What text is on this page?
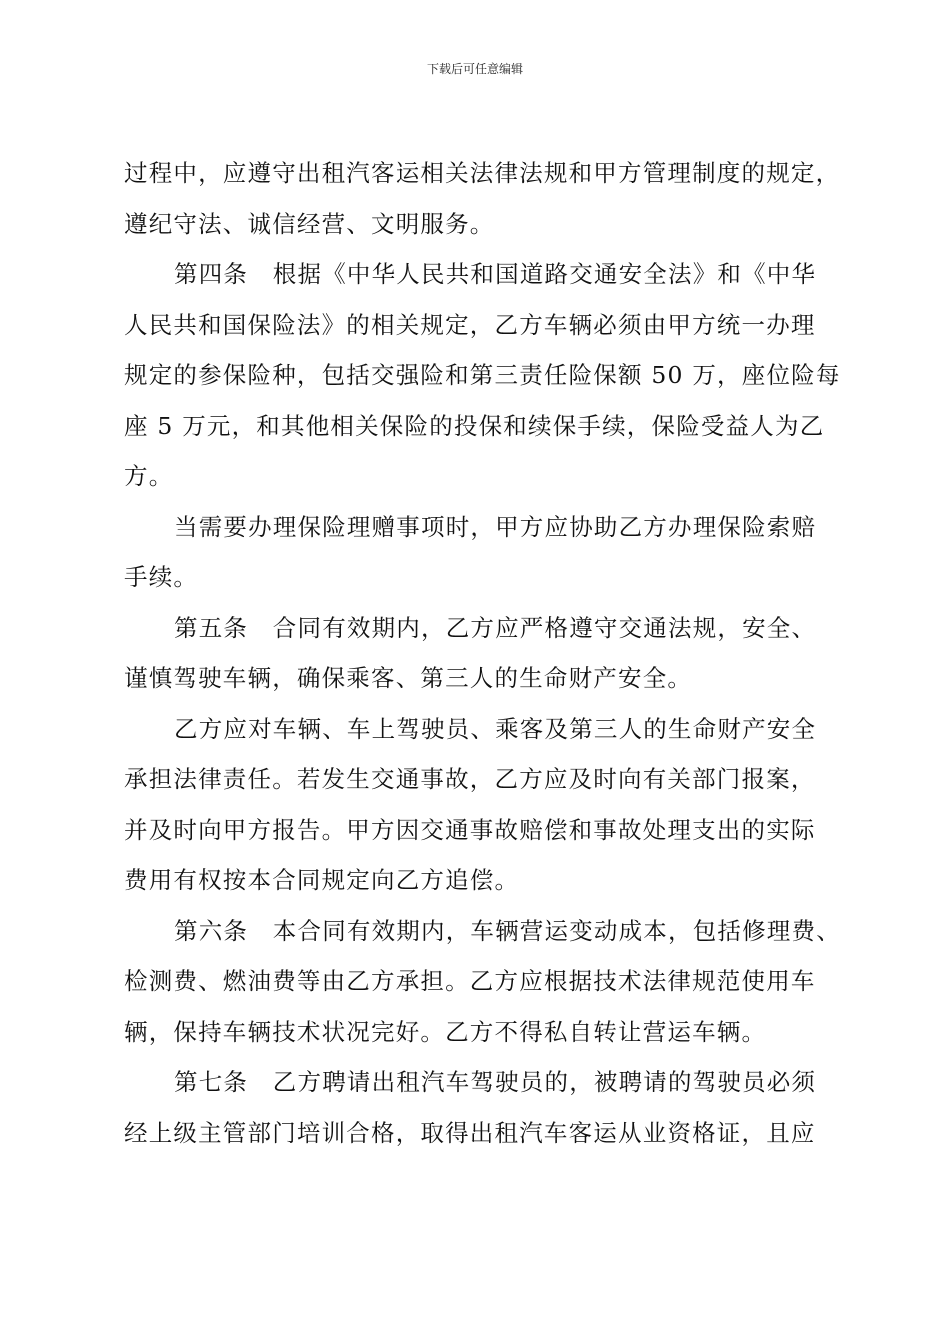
下载后可任意编辑
过程中，应遵守出租汽客运相关法律法规和甲方管理制度的规定，
遵纪守法、诚信经营、文明服务。
第四条　根据《中华人民共和国道路交通安全法》和《中华
人民共和国保险法》的相关规定，乙方车辆必须由甲方统一办理
规定的参保险种，包括交强险和第三责任险保额 50 万，座位险每
座 5 万元，和其他相关保险的投保和续保手续，保险受益人为乙
方。
当需要办理保险理赠事项时，甲方应协助乙方办理保险索赔
手续。
第五条　合同有效期内，乙方应严格遵守交通法规，安全、
谨慎驾驶车辆，确保乘客、第三人的生命财产安全。
乙方应对车辆、车上驾驶员、乘客及第三人的生命财产安全
承担法律责任。若发生交通事故，乙方应及时向有关部门报案，
并及时向甲方报告。甲方因交通事故赔偿和事故处理支出的实际
费用有权按本合同规定向乙方追偿。
第六条　本合同有效期内，车辆营运变动成本，包括修理费、
检测费、燃油费等由乙方承担。乙方应根据技术法律规范使用车
辆，保持车辆技术状况完好。乙方不得私自转让营运车辆。
第七条　乙方聘请出租汽车驾驶员的，被聘请的驾驶员必须
经上级主管部门培训合格，取得出租汽车客运从业资格证，且应
